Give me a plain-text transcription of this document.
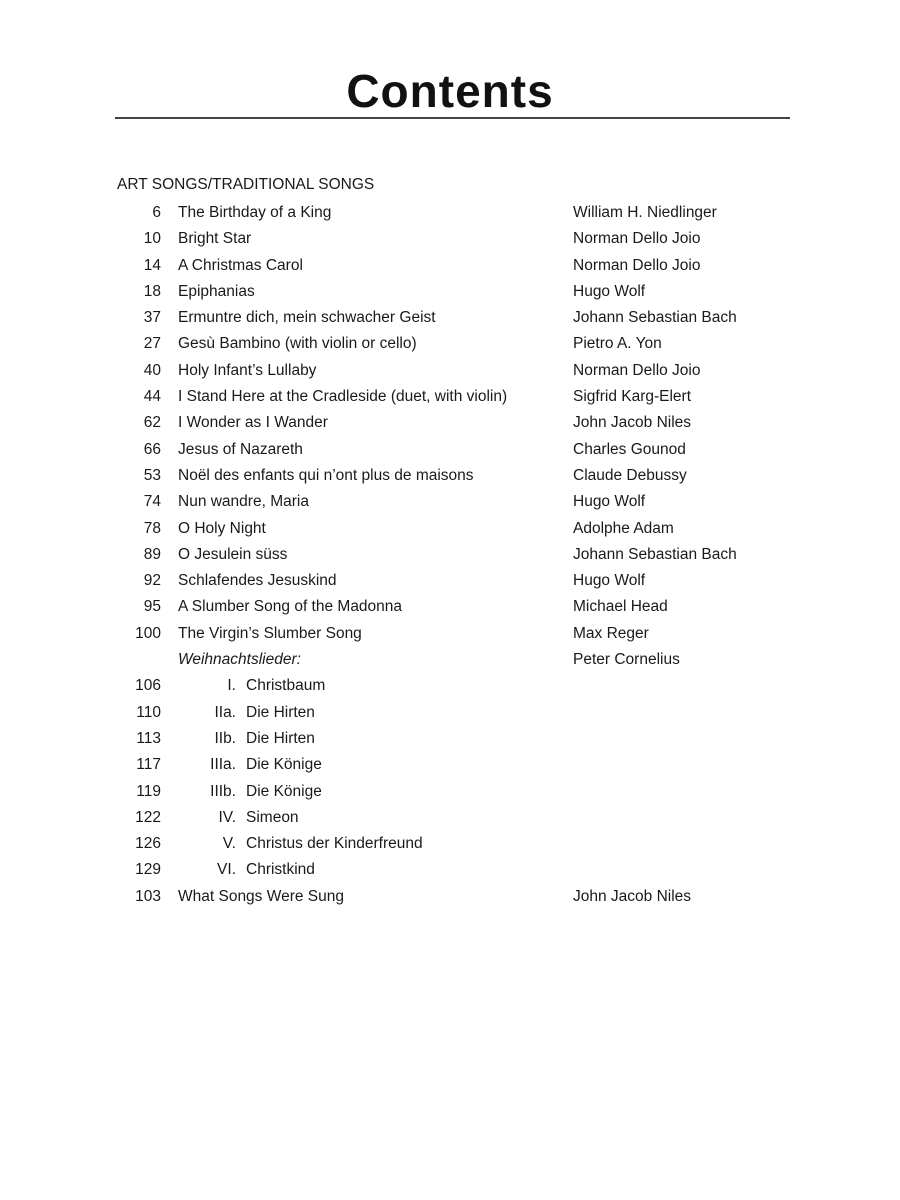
Contents
ART SONGS/TRADITIONAL SONGS
6 The Birthday of a King	William H. Niedlinger
10 Bright Star	Norman Dello Joio
14 A Christmas Carol	Norman Dello Joio
18 Epiphanias	Hugo Wolf
37 Ermuntre dich, mein schwacher Geist	Johann Sebastian Bach
27 Gesù Bambino (with violin or cello)	Pietro A. Yon
40 Holy Infant’s Lullaby	Norman Dello Joio
44 I Stand Here at the Cradleside (duet, with violin)	Sigfrid Karg-Elert
62 I Wonder as I Wander	John Jacob Niles
66 Jesus of Nazareth	Charles Gounod
53 Noël des enfants qui n’ont plus de maisons	Claude Debussy
74 Nun wandre, Maria	Hugo Wolf
78 O Holy Night	Adolphe Adam
89 O Jesulein süss	Johann Sebastian Bach
92 Schlafendes Jesuskind	Hugo Wolf
95 A Slumber Song of the Madonna	Michael Head
100 The Virgin’s Slumber Song	Max Reger
Weihnachtslieder:	Peter Cornelius
106	I. Christbaum
110	IIa. Die Hirten
113	IIb. Die Hirten
117	IIIa. Die Könige
119	IIIb. Die Könige
122	IV. Simeon
126	V. Christus der Kinderfreund
129	VI. Christkind
103 What Songs Were Sung	John Jacob Niles
